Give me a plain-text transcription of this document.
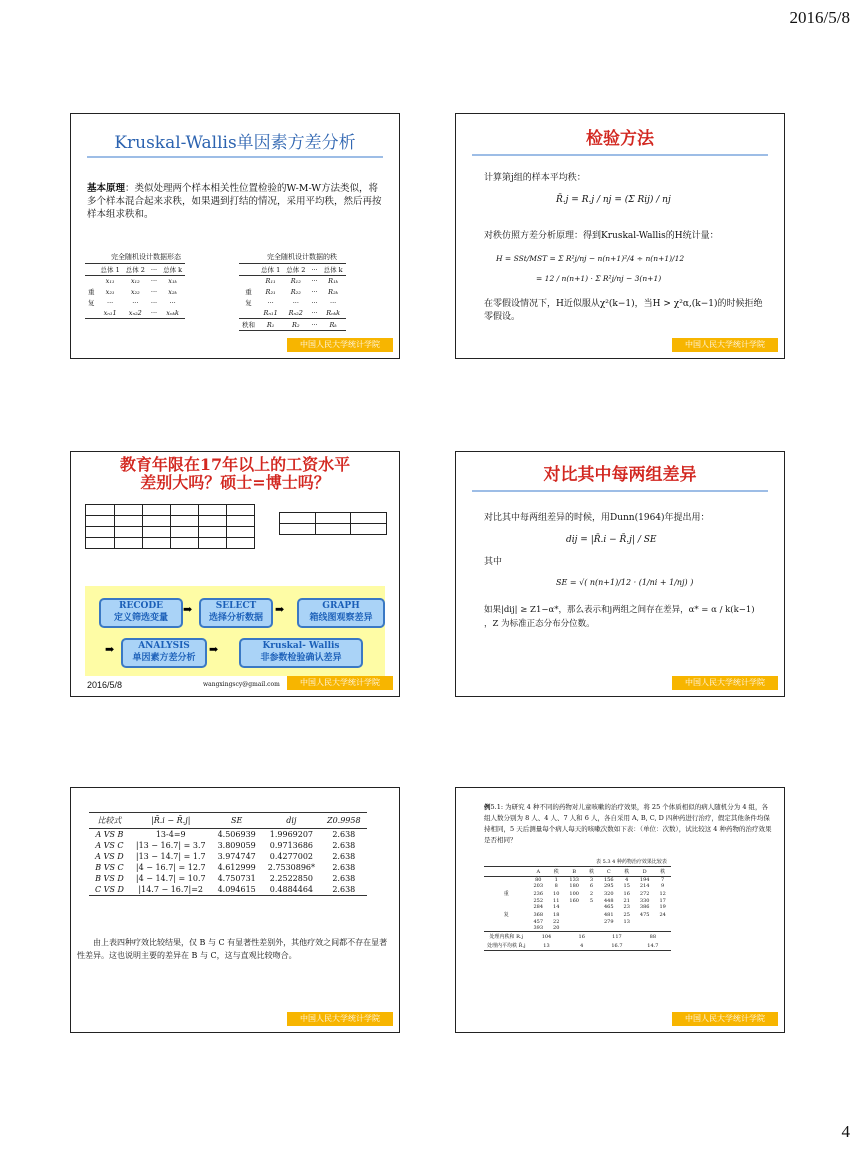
2016/5/8
Kruskal-Wallis单因素方差分析
基本原理：类似处理两个样本相关性位置检验的W-M-W方法类似，将多个样本混合起来求秩，如果遇到打结的情况，采用平均秩，然后再按样本组求秩和。
完全随机设计数据形态
	总体 1	总体 2	···	总体 k
	x₁₁	x₁₂	···	x₁ₖ
重	x₂₁	x₂₂	···	x₂ₖ
复	···	···	···	···
	xₙ₁1	xₙ₂2	···	xₙₖk
完全随机设计数据的秩
	总体 1	总体 2	···	总体 k
	R₁₁	R₁₂	···	R₁ₖ
重	R₂₁	R₂₂	···	R₂ₖ
复	···	···	···	···
	Rₙ₁1	Rₙ₂2	···	Rₙₖk
秩和	R₁	R₂	···	Rₖ
中国人民大学统计学院
检验方法
计算第j组的样本平均秩：
R̄.j = R.j / nj = (Σ Rij) / nj
对秩仿照方差分析原理：得到Kruskal-Wallis的H统计量：
H = SSt/MST = Σ R²j/nj − n(n+1)²/4 ÷ n(n+1)/12
= 12 / n(n+1) · Σ R²j/nj − 3(n+1)
在零假设情况下，H近似服从χ²(k−1)，当H > χ²α,(k−1)的时候拒绝零假设。
中国人民大学统计学院
教育年限在17年以上的工资水平
差别大吗？硕士=博士吗？

RECODE
定义筛选变量
➡	SELECT
选择分析数据
➡	GRAPH
箱线图观察差异
➡	ANALYSIS
单因素方差分析
➡	Kruskal- Wallis
非参数检验确认差异
2016/5/8	wangxingscy@gmail.com	中国人民大学统计学院
对比其中每两组差异
对比其中每两组差异的时候，用Dunn(1964)年提出用：
dij = |R̄.i − R̄.j| / SE
其中
SE = √( n(n+1)/12 · (1/ni + 1/nj) )
如果|dij| ≥ Z1−α*，那么表示和j两组之间存在差异，α* = α / k(k−1)
，Z 为标准正态分布分位数。
中国人民大学统计学院
比较式	|R̄.i − R̄.j|	SE	dij	Z0.9958
A VS B	13-4=9	4.506939	1.9969207	2.638
A VS C	|13 − 16.7| = 3.7	3.809059	0.9713686	2.638
A VS D	|13 − 14.7| = 1.7	3.974747	0.4277002	2.638
B VS C	|4 − 16.7| = 12.7	4.612999	2.7530896*	2.638
B VS D	|4 − 14.7| = 10.7	4.750731	2.2522850	2.638
C VS D	|14.7 − 16.7|=2	4.094615	0.4884464	2.638
由上表四种疗效比较结果，仅 B 与 C 有显著性差别外，其他疗效之间都不存在显著性差异。这也说明主要的差异在 B 与 C，这与直观比较吻合。
中国人民大学统计学院
例5.1: 为研究 4 种不同的药物对儿童咳嗽的治疗效果，将 25 个体质相似的病人随机分为 4 组，各组人数分别为 8 人、4 人、7 人和 6 人，各自采用 A, B, C, D 四种药进行治疗，假定其他条件均保持相同，5 天后测量每个病人每天的咳嗽次数如下表：（单位：次数），试比较这 4 种药物的治疗效果是否相同？
表 5.3 4 种药物治疗效果比较表
	A	秩	B	秩	C	秩	D	秩
	80	1	133	3	156	4	194	7
	203	8	180	6	295	15	214	9
重	236	10	100	2	320	16	272	12
	252	11	160	5	448	21	330	17
	284	14			465	23	386	19
复	368	18			481	25	475	24
	457	22			279	13		
	393	20						
处理内秩和 R.j	104		16		117		88	
处理内平均秩 R̄.j	13		4		16.7		14.7	
中国人民大学统计学院
4
